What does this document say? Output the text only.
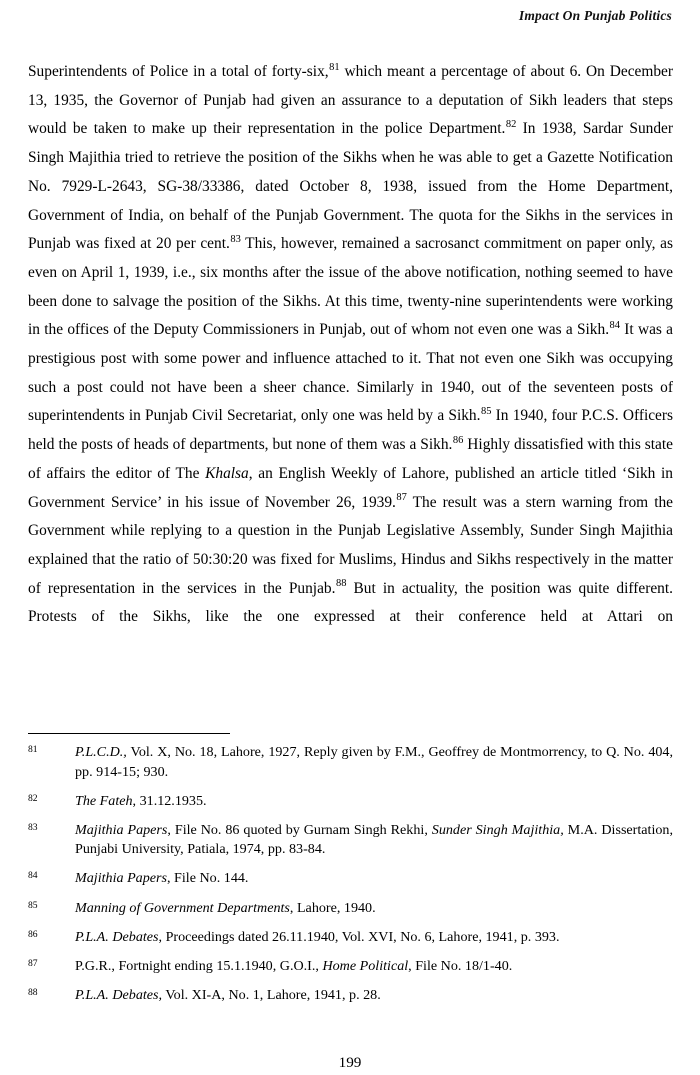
Impact On Punjab Politics

Superintendents of Police in a total of forty-six,$^{81}$ which meant a percentage of about 6. On December 13, 1935, the Governor of Punjab had given an assurance to a deputation of Sikh leaders that steps would be taken to make up their representation in the police Department.$^{82}$ In 1938, Sardar Sunder Singh Majithia tried to retrieve the position of the Sikhs when he was able to get a Gazette Notification No. 7929-L-2643, SG-38/33386, dated October 8, 1938, issued from the Home Department, Government of India, on behalf of the Punjab Government. The quota for the Sikhs in the services in Punjab was fixed at 20 per cent.$^{83}$ This, however, remained a sacrosanct commitment on paper only, as even on April 1, 1939, i.e., six months after the issue of the above notification, nothing seemed to have been done to salvage the position of the Sikhs. At this time, twenty-nine superintendents were working in the offices of the Deputy Commissioners in Punjab, out of whom not even one was a Sikh.$^{84}$ It was a prestigious post with some power and influence attached to it. That not even one Sikh was occupying such a post could not have been a sheer chance. Similarly in 1940, out of the seventeen posts of superintendents in Punjab Civil Secretariat, only one was held by a Sikh.$^{85}$ In 1940, four P.C.S. Officers held the posts of heads of departments, but none of them was a Sikh.$^{86}$ Highly dissatisfied with this state of affairs the editor of The Khalsa, an English Weekly of Lahore, published an article titled ‘Sikh in Government Service’ in his issue of November 26, 1939.87 The result was a stern warning from the Government while replying to a question in the Punjab Legislative Assembly, Sunder Singh Majithia explained that the ratio of 50:30:20 was fixed for Muslims, Hindus and Sikhs respectively in the matter of representation in the services in the Punjab.$^{88}$ But in actuality, the position was quite different. Protests of the Sikhs, like the one expressed at their conference held at Attari on

81	P.L.C.D., Vol. X, No. 18, Lahore, 1927, Reply given by F.M., Geoffrey de Montmorrency, to Q. No. 404, pp. 914-15; 930.
82	The Fateh, 31.12.1935.
83	Majithia Papers, File No. 86 quoted by Gurnam Singh Rekhi, Sunder Singh Majithia, M.A. Dissertation, Punjabi University, Patiala, 1974, pp. 83-84.
84	Majithia Papers, File No. 144.
85	Manning of Government Departments, Lahore, 1940.
86	P.L.A. Debates, Proceedings dated 26.11.1940, Vol. XVI, No. 6, Lahore, 1941, p. 393.
87	P.G.R., Fortnight ending 15.1.1940, G.O.I., Home Political, File No. 18/1-40.
88	P.L.A. Debates, Vol. XI-A, No. 1, Lahore, 1941, p. 28.
199
